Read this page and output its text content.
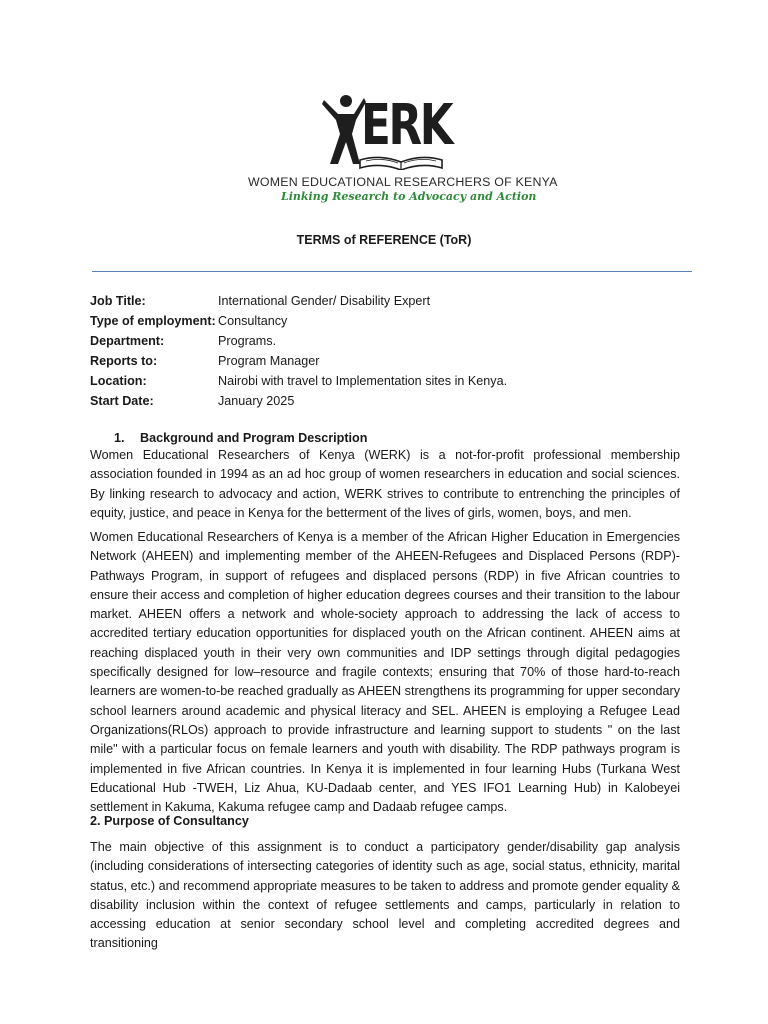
ERK
WOMEN EDUCATIONAL RESEARCHERS OF KENYA
Linking Research to Advocacy and Action
TERMS of REFERENCE (ToR)
Job Title:	International Gender/ Disability Expert
Type of employment: Consultancy
Department:	Programs.
Reports to:	Program Manager
Location:	Nairobi with travel to Implementation sites in Kenya.
Start Date:	January 2025
1. Background and Program Description

Women Educational Researchers of Kenya (WERK) is a not-for-profit professional membership association founded in 1994 as an ad hoc group of women researchers in education and social sciences. By linking research to advocacy and action, WERK strives to contribute to entrenching the principles of equity, justice, and peace in Kenya for the betterment of the lives of girls, women, boys, and men.

Women Educational Researchers of Kenya is a member of the African Higher Education in Emergencies Network (AHEEN) and implementing member of the AHEEN-Refugees and Displaced Persons (RDP)-Pathways Program, in support of refugees and displaced persons (RDP) in five African countries to ensure their access and completion of higher education degrees courses and their transition to the labour market. AHEEN offers a network and whole-society approach to addressing the lack of access to accredited tertiary education opportunities for displaced youth on the African continent. AHEEN aims at reaching displaced youth in their very own communities and IDP settings through digital pedagogies specifically designed for low–resource and fragile contexts; ensuring that 70% of those hard-to-reach learners are women-to-be reached gradually as AHEEN strengthens its programming for upper secondary school learners around academic and physical literacy and SEL. AHEEN is employing a Refugee Lead Organizations(RLOs) approach to provide infrastructure and learning support to students " on the last mile" with a particular focus on female learners and youth with disability. The RDP pathways program is implemented in five African countries. In Kenya it is implemented in four learning Hubs (Turkana West Educational Hub -TWEH, Liz Ahua, KU-Dadaab center, and YES IFO1 Learning Hub) in Kalobeyei settlement in Kakuma, Kakuma refugee camp and Dadaab refugee camps.

2. Purpose of Consultancy

The main objective of this assignment is to conduct a participatory gender/disability gap analysis (including considerations of intersecting categories of identity such as age, social status, ethnicity, marital status, etc.) and recommend appropriate measures to be taken to address and promote gender equality & disability inclusion within the context of refugee settlements and camps, particularly in relation to accessing education at senior secondary school level and completing accredited degrees and transitioning
